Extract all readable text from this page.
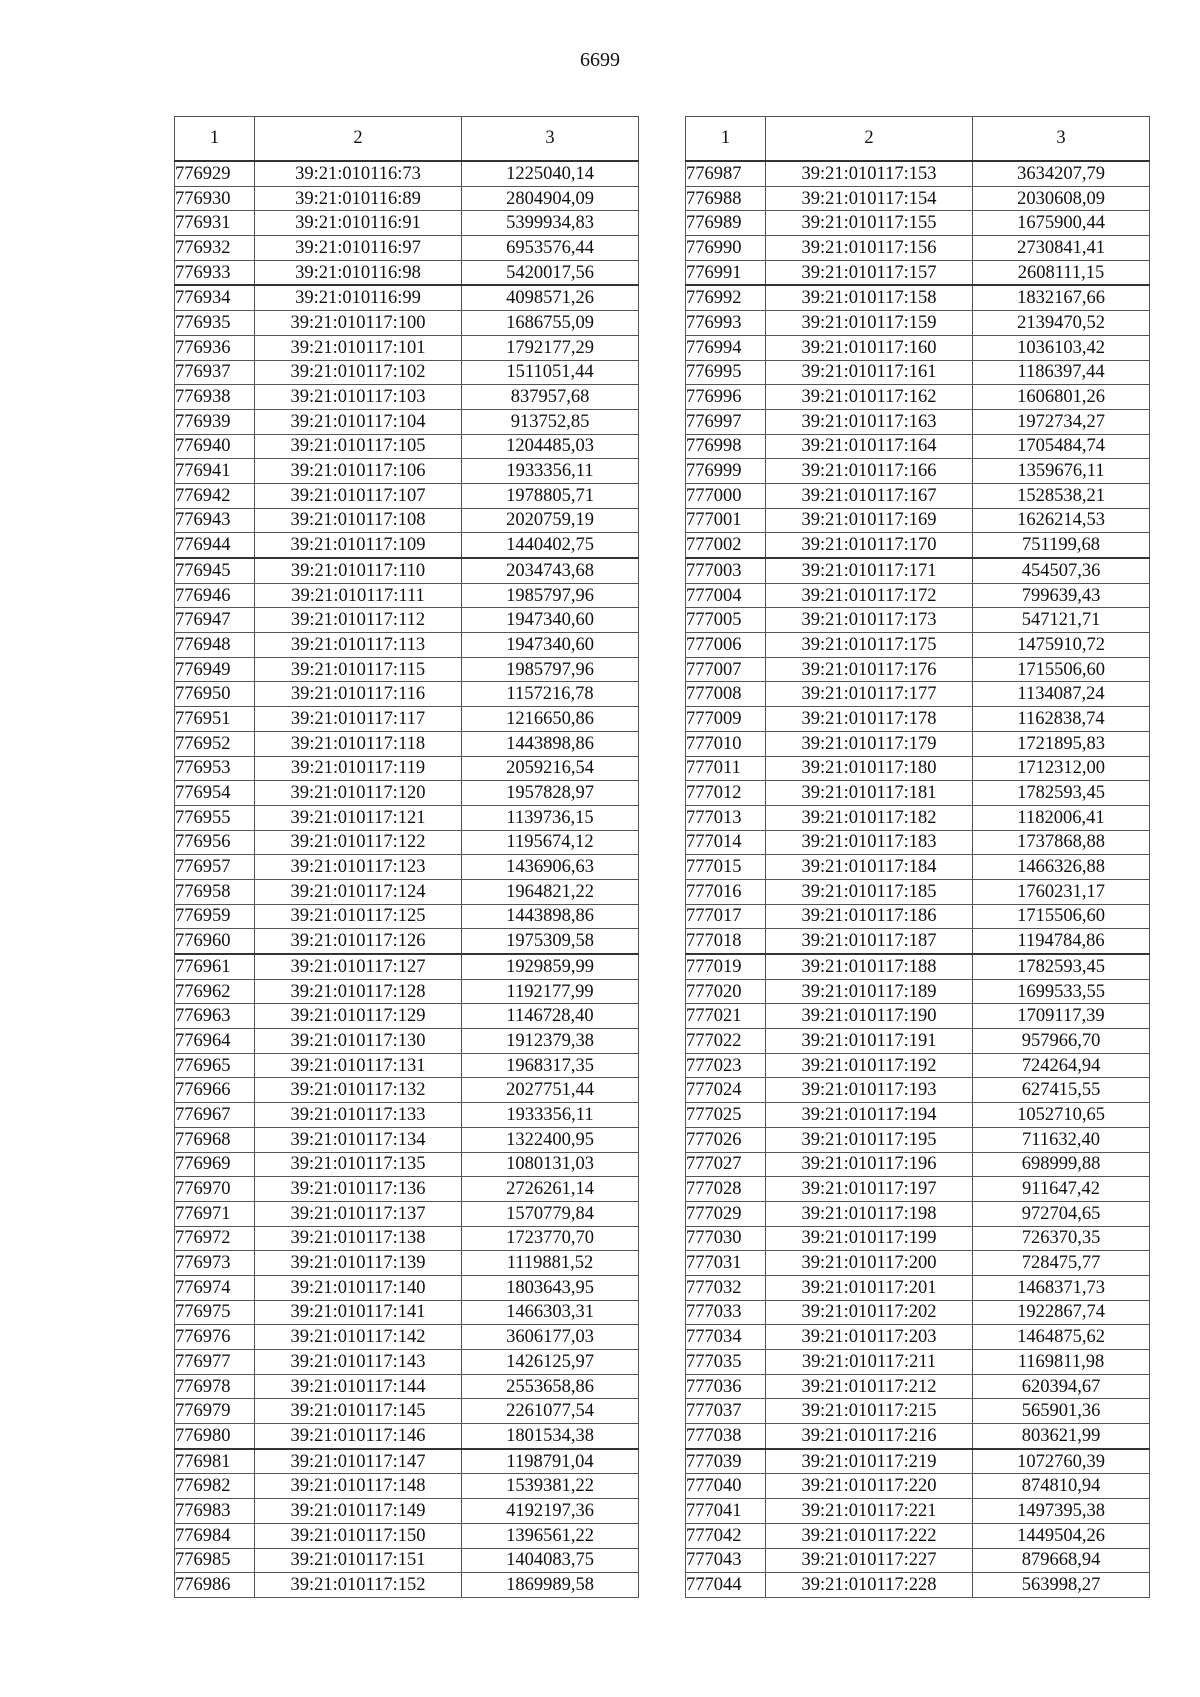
6699
1	2	3
776929	39:21:010116:73	1225040,14
776930	39:21:010116:89	2804904,09
776931	39:21:010116:91	5399934,83
776932	39:21:010116:97	6953576,44
776933	39:21:010116:98	5420017,56
776934	39:21:010116:99	4098571,26
776935	39:21:010117:100	1686755,09
776936	39:21:010117:101	1792177,29
776937	39:21:010117:102	1511051,44
776938	39:21:010117:103	837957,68
776939	39:21:010117:104	913752,85
776940	39:21:010117:105	1204485,03
776941	39:21:010117:106	1933356,11
776942	39:21:010117:107	1978805,71
776943	39:21:010117:108	2020759,19
776944	39:21:010117:109	1440402,75
776945	39:21:010117:110	2034743,68
776946	39:21:010117:111	1985797,96
776947	39:21:010117:112	1947340,60
776948	39:21:010117:113	1947340,60
776949	39:21:010117:115	1985797,96
776950	39:21:010117:116	1157216,78
776951	39:21:010117:117	1216650,86
776952	39:21:010117:118	1443898,86
776953	39:21:010117:119	2059216,54
776954	39:21:010117:120	1957828,97
776955	39:21:010117:121	1139736,15
776956	39:21:010117:122	1195674,12
776957	39:21:010117:123	1436906,63
776958	39:21:010117:124	1964821,22
776959	39:21:010117:125	1443898,86
776960	39:21:010117:126	1975309,58
776961	39:21:010117:127	1929859,99
776962	39:21:010117:128	1192177,99
776963	39:21:010117:129	1146728,40
776964	39:21:010117:130	1912379,38
776965	39:21:010117:131	1968317,35
776966	39:21:010117:132	2027751,44
776967	39:21:010117:133	1933356,11
776968	39:21:010117:134	1322400,95
776969	39:21:010117:135	1080131,03
776970	39:21:010117:136	2726261,14
776971	39:21:010117:137	1570779,84
776972	39:21:010117:138	1723770,70
776973	39:21:010117:139	1119881,52
776974	39:21:010117:140	1803643,95
776975	39:21:010117:141	1466303,31
776976	39:21:010117:142	3606177,03
776977	39:21:010117:143	1426125,97
776978	39:21:010117:144	2553658,86
776979	39:21:010117:145	2261077,54
776980	39:21:010117:146	1801534,38
776981	39:21:010117:147	1198791,04
776982	39:21:010117:148	1539381,22
776983	39:21:010117:149	4192197,36
776984	39:21:010117:150	1396561,22
776985	39:21:010117:151	1404083,75
776986	39:21:010117:152	1869989,58
1	2	3
776987	39:21:010117:153	3634207,79
776988	39:21:010117:154	2030608,09
776989	39:21:010117:155	1675900,44
776990	39:21:010117:156	2730841,41
776991	39:21:010117:157	2608111,15
776992	39:21:010117:158	1832167,66
776993	39:21:010117:159	2139470,52
776994	39:21:010117:160	1036103,42
776995	39:21:010117:161	1186397,44
776996	39:21:010117:162	1606801,26
776997	39:21:010117:163	1972734,27
776998	39:21:010117:164	1705484,74
776999	39:21:010117:166	1359676,11
777000	39:21:010117:167	1528538,21
777001	39:21:010117:169	1626214,53
777002	39:21:010117:170	751199,68
777003	39:21:010117:171	454507,36
777004	39:21:010117:172	799639,43
777005	39:21:010117:173	547121,71
777006	39:21:010117:175	1475910,72
777007	39:21:010117:176	1715506,60
777008	39:21:010117:177	1134087,24
777009	39:21:010117:178	1162838,74
777010	39:21:010117:179	1721895,83
777011	39:21:010117:180	1712312,00
777012	39:21:010117:181	1782593,45
777013	39:21:010117:182	1182006,41
777014	39:21:010117:183	1737868,88
777015	39:21:010117:184	1466326,88
777016	39:21:010117:185	1760231,17
777017	39:21:010117:186	1715506,60
777018	39:21:010117:187	1194784,86
777019	39:21:010117:188	1782593,45
777020	39:21:010117:189	1699533,55
777021	39:21:010117:190	1709117,39
777022	39:21:010117:191	957966,70
777023	39:21:010117:192	724264,94
777024	39:21:010117:193	627415,55
777025	39:21:010117:194	1052710,65
777026	39:21:010117:195	711632,40
777027	39:21:010117:196	698999,88
777028	39:21:010117:197	911647,42
777029	39:21:010117:198	972704,65
777030	39:21:010117:199	726370,35
777031	39:21:010117:200	728475,77
777032	39:21:010117:201	1468371,73
777033	39:21:010117:202	1922867,74
777034	39:21:010117:203	1464875,62
777035	39:21:010117:211	1169811,98
777036	39:21:010117:212	620394,67
777037	39:21:010117:215	565901,36
777038	39:21:010117:216	803621,99
777039	39:21:010117:219	1072760,39
777040	39:21:010117:220	874810,94
777041	39:21:010117:221	1497395,38
777042	39:21:010117:222	1449504,26
777043	39:21:010117:227	879668,94
777044	39:21:010117:228	563998,27
